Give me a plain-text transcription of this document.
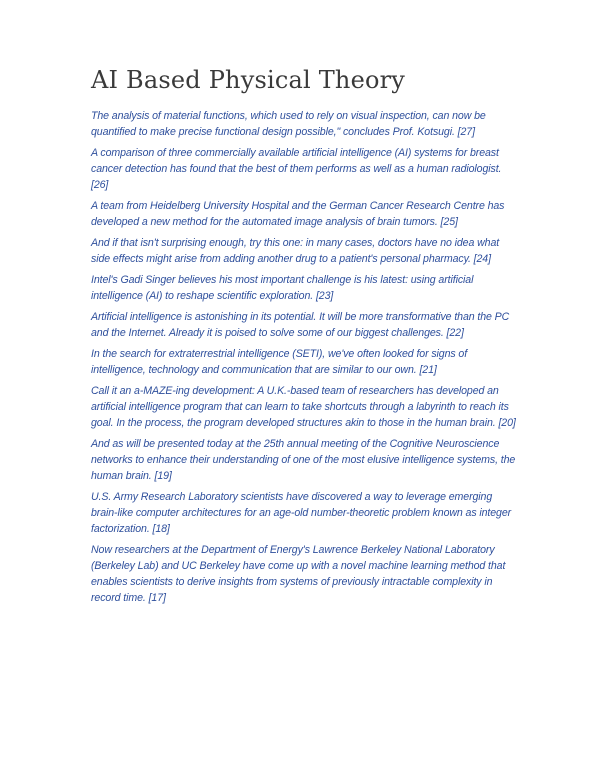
AI Based Physical Theory

The analysis of material functions, which used to rely on visual inspection, can now be quantified to make precise functional design possible," concludes Prof. Kotsugi. [27]

A comparison of three commercially available artificial intelligence (AI) systems for breast cancer detection has found that the best of them performs as well as a human radiologist. [26]

A team from Heidelberg University Hospital and the German Cancer Research Centre has developed a new method for the automated image analysis of brain tumors. [25]

And if that isn't surprising enough, try this one: in many cases, doctors have no idea what side effects might arise from adding another drug to a patient's personal pharmacy. [24]

Intel's Gadi Singer believes his most important challenge is his latest: using artificial intelligence (AI) to reshape scientific exploration. [23]

Artificial intelligence is astonishing in its potential. It will be more transformative than the PC and the Internet. Already it is poised to solve some of our biggest challenges. [22]

In the search for extraterrestrial intelligence (SETI), we've often looked for signs of intelligence, technology and communication that are similar to our own. [21]

Call it an a-MAZE-ing development: A U.K.-based team of researchers has developed an artificial intelligence program that can learn to take shortcuts through a labyrinth to reach its goal. In the process, the program developed structures akin to those in the human brain. [20]

And as will be presented today at the 25th annual meeting of the Cognitive Neuroscience networks to enhance their understanding of one of the most elusive intelligence systems, the human brain. [19]

U.S. Army Research Laboratory scientists have discovered a way to leverage emerging brain-like computer architectures for an age-old number-theoretic problem known as integer factorization. [18]

Now researchers at the Department of Energy's Lawrence Berkeley National Laboratory (Berkeley Lab) and UC Berkeley have come up with a novel machine learning method that enables scientists to derive insights from systems of previously intractable complexity in record time. [17]
